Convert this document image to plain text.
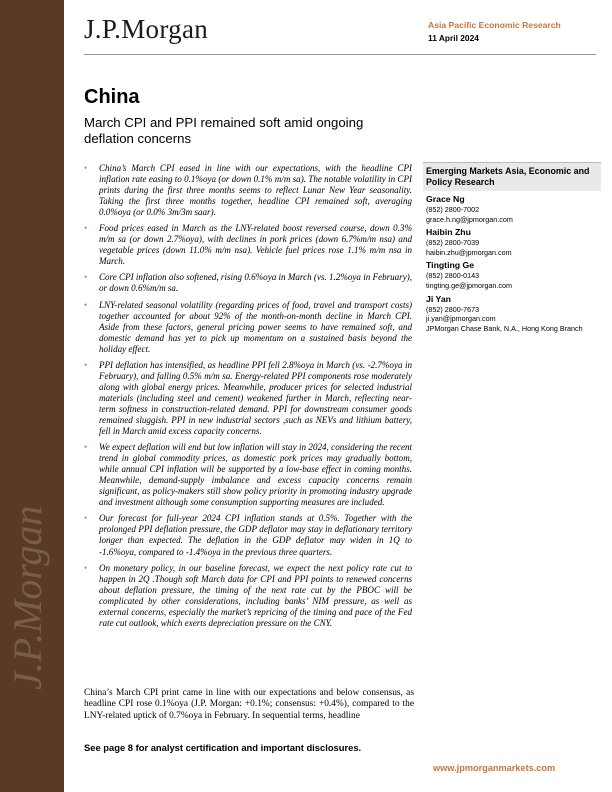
J.P.Morgan
J.P.Morgan	Asia Pacific Economic Research
11 April 2024
China
March CPI and PPI remained soft amid ongoing deflation concerns
• China’s March CPI eased in line with our expectations, with the headline CPI inflation rate easing to 0.1%oya (or down 0.1% m/m sa). The notable volatility in CPI prints during the first three months seems to reflect Lunar New Year seasonality. Taking the first three months together, headline CPI remained soft, averaging 0.0%oya (or 0.0% 3m/3m saar).
• Food prices eased in March as the LNY-related boost reversed course, down 0.3% m/m sa (or down 2.7%oya), with declines in pork prices (down 6.7%m/m nsa) and vegetable prices (down 11.0% m/m nsa). Vehicle fuel prices rose 1.1% m/m nsa in March.
• Core CPI inflation also softened, rising 0.6%oya in March (vs. 1.2%oya in February), or down 0.6%m/m sa.
• LNY-related seasonal volatility (regarding prices of food, travel and transport costs) together accounted for about 92% of the month-on-month decline in March CPI. Aside from these factors, general pricing power seems to have remained soft, and domestic demand has yet to pick up momentum on a sustained basis beyond the holiday effect.
• PPI deflation has intensified, as headline PPI fell 2.8%oya in March (vs. -2.7%oya in February), and falling 0.5% m/m sa. Energy-related PPI components rose moderately along with global energy prices. Meanwhile, producer prices for selected industrial materials (including steel and cement) weakened further in March, reflecting near-term softness in construction-related demand. PPI for downstream consumer goods remained sluggish. PPI in new industrial sectors ,such as NEVs and lithium battery, fell in March amid excess capacity concerns.
• We expect deflation will end but low inflation will stay in 2024, considering the recent trend in global commodity prices, as domestic pork prices may gradually bottom, while annual CPI inflation will be supported by a low-base effect in coming months. Meanwhile, demand-supply imbalance and excess capacity concerns remain significant, as policy-makers still show policy priority in promoting industry upgrade and investment although some consumption supporting measures are included.
• Our forecast for full-year 2024 CPI inflation stands at 0.5%. Together with the prolonged PPI deflation pressure, the GDP deflator may stay in deflationary territory longer than expected. The deflation in the GDP deflator may widen in 1Q to -1.6%oya, compared to -1.4%oya in the previous three quarters.
• On monetary policy, in our baseline forecast, we expect the next policy rate cut to happen in 2Q .Though soft March data for CPI and PPI points to renewed concerns about deflation pressure, the timing of the next rate cut by the PBOC will be complicated by other considerations, including banks’ NIM pressure, as well as external concerns, especially the market’s repricing of the timing and pace of the Fed rate cut outlook, which exerts depreciation pressure on the CNY.
China’s March CPI print came in line with our expectations and below consensus, as headline CPI rose 0.1%oya (J.P. Morgan: +0.1%; consensus: +0.4%), compared to the LNY-related uptick of 0.7%oya in February. In sequential terms, headline
Emerging Markets Asia, Economic and Policy Research
Grace Ng
(852) 2800-7002
grace.h.ng@jpmorgan.com
Haibin Zhu
(852) 2800-7039
haibin.zhu@jpmorgan.com
Tingting Ge
(852) 2800-0143
tingting.ge@jpmorgan.com
Ji Yan
(852) 2800-7673
ji.yan@jpmorgan.com
JPMorgan Chase Bank, N.A., Hong Kong Branch
See page 8 for analyst certification and important disclosures.
www.jpmorganmarkets.com
